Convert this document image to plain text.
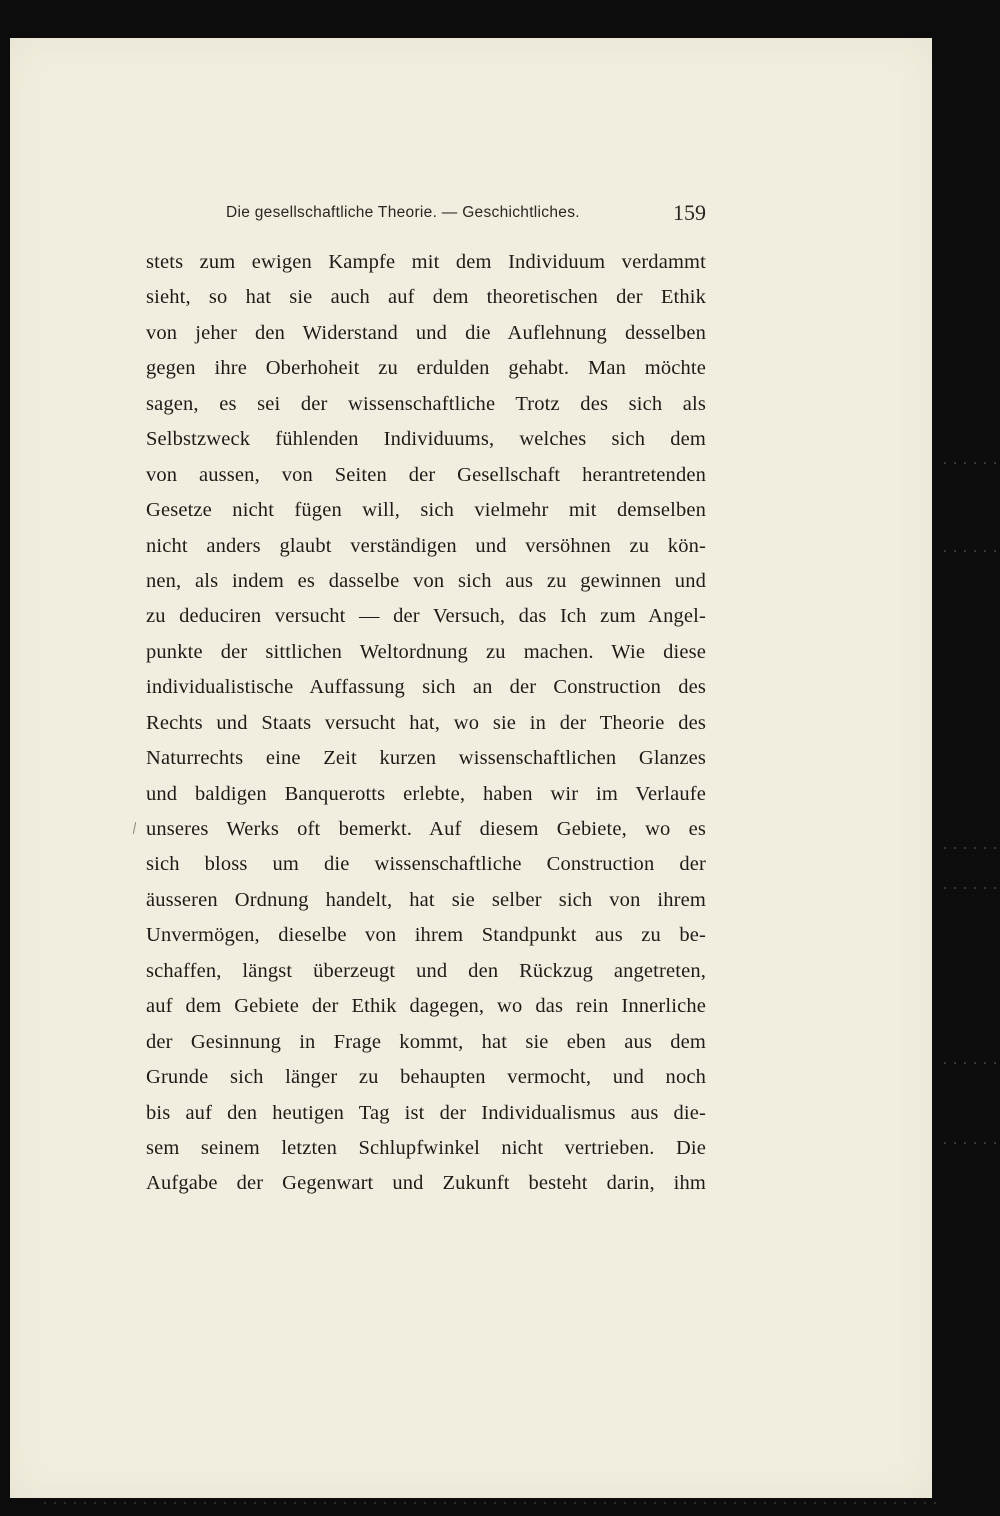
Die gesellschaftliche Theorie. — Geschichtliches.	159
stets zum ewigen Kampfe mit dem Individuum verdammt
sieht, so hat sie auch auf dem theoretischen der Ethik
von jeher den Widerstand und die Auflehnung desselben
gegen ihre Oberhoheit zu erdulden gehabt. Man möchte
sagen, es sei der wissenschaftliche Trotz des sich als
Selbstzweck fühlenden Individuums, welches sich dem
von aussen, von Seiten der Gesellschaft herantretenden
Gesetze nicht fügen will, sich vielmehr mit demselben
nicht anders glaubt verständigen und versöhnen zu kön-
nen, als indem es dasselbe von sich aus zu gewinnen und
zu deduciren versucht — der Versuch, das Ich zum Angel-
punkte der sittlichen Weltordnung zu machen. Wie diese
individualistische Auffassung sich an der Construction des
Rechts und Staats versucht hat, wo sie in der Theorie des
Naturrechts eine Zeit kurzen wissenschaftlichen Glanzes
und baldigen Banquerotts erlebte, haben wir im Verlaufe
unseres Werks oft bemerkt. Auf diesem Gebiete, wo es
sich bloss um die wissenschaftliche Construction der
äusseren Ordnung handelt, hat sie selber sich von ihrem
Unvermögen, dieselbe von ihrem Standpunkt aus zu be-
schaffen, längst überzeugt und den Rückzug angetreten,
auf dem Gebiete der Ethik dagegen, wo das rein Innerliche
der Gesinnung in Frage kommt, hat sie eben aus dem
Grunde sich länger zu behaupten vermocht, und noch
bis auf den heutigen Tag ist der Individualismus aus die-
sem seinem letzten Schlupfwinkel nicht vertrieben. Die
Aufgabe der Gegenwart und Zukunft besteht darin, ihm
